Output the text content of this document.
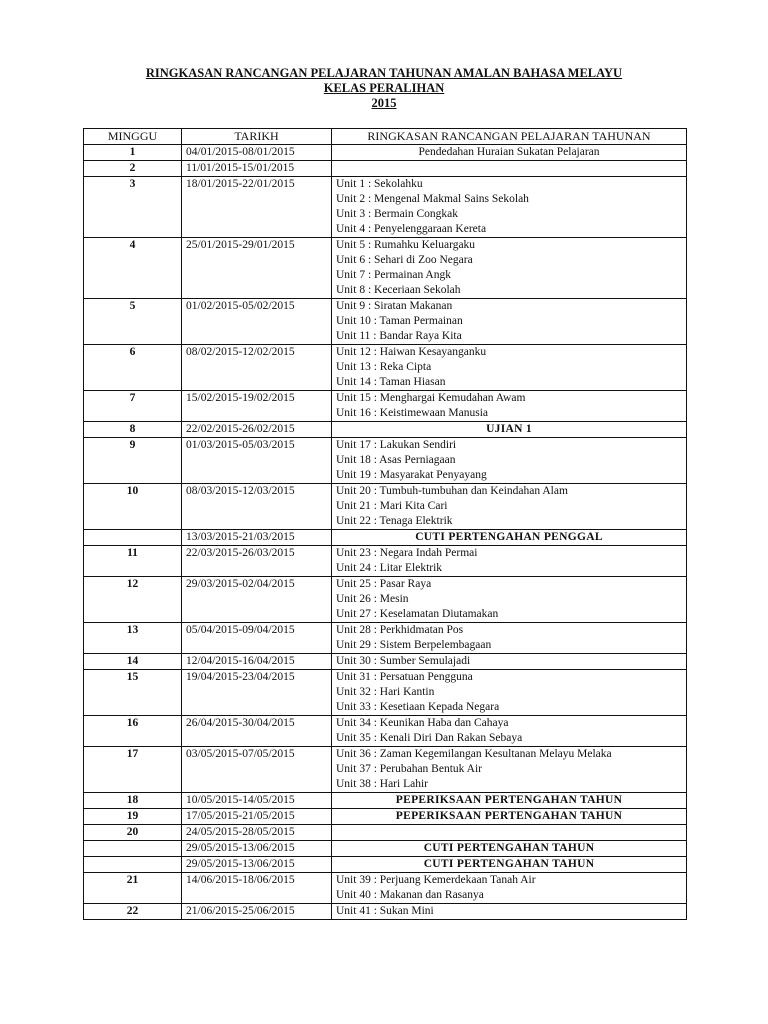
RINGKASAN RANCANGAN PELAJARAN TAHUNAN AMALAN BAHASA MELAYU
KELAS PERALIHAN
2015
MINGGU	TARIKH	RINGKASAN RANCANGAN PELAJARAN TAHUNAN
1	04/01/2015-08/01/2015	Pendedahan Huraian Sukatan Pelajaran

2	11/01/2015-15/01/2015	

3	18/01/2015-22/01/2015	Unit 1 : Sekolahku
Unit 2 : Mengenal Makmal Sains Sekolah
Unit 3 : Bermain Congkak
Unit 4 : Penyelenggaraan Kereta

4	25/01/2015-29/01/2015	Unit 5 : Rumahku Keluargaku
Unit 6 : Sehari di Zoo Negara
Unit 7 : Permainan Angk
Unit 8 : Keceriaan Sekolah

5	01/02/2015-05/02/2015	Unit 9 : Siratan Makanan
Unit 10 : Taman Permainan
Unit 11 : Bandar Raya Kita

6	08/02/2015-12/02/2015	Unit 12 : Haiwan Kesayanganku
Unit 13 : Reka Cipta
Unit 14 : Taman Hiasan

7	15/02/2015-19/02/2015	Unit 15 : Menghargai Kemudahan Awam
Unit 16 : Keistimewaan Manusia

8	22/02/2015-26/02/2015	UJIAN 1

9	01/03/2015-05/03/2015	Unit 17 : Lakukan Sendiri
Unit 18 : Asas Perniagaan
Unit 19 : Masyarakat Penyayang

10	08/03/2015-12/03/2015	Unit 20 : Tumbuh-tumbuhan dan Keindahan Alam
Unit 21 : Mari Kita Cari
Unit 22 : Tenaga Elektrik

	13/03/2015-21/03/2015	CUTI PERTENGAHAN PENGGAL

11	22/03/2015-26/03/2015	Unit 23 : Negara Indah Permai
Unit 24 : Litar Elektrik

12	29/03/2015-02/04/2015	Unit 25 : Pasar Raya
Unit 26 : Mesin
Unit 27 : Keselamatan Diutamakan

13	05/04/2015-09/04/2015	Unit 28 : Perkhidmatan Pos
Unit 29 : Sistem Berpelembagaan

14	12/04/2015-16/04/2015	Unit 30 : Sumber Semulajadi

15	19/04/2015-23/04/2015	Unit 31 : Persatuan Pengguna
Unit 32 : Hari Kantin
Unit 33 : Kesetiaan Kepada Negara

16	26/04/2015-30/04/2015	Unit 34 : Keunikan Haba dan Cahaya
Unit 35 : Kenali Diri Dan Rakan Sebaya

17	03/05/2015-07/05/2015	Unit 36 : Zaman Kegemilangan Kesultanan Melayu Melaka
Unit 37 : Perubahan Bentuk Air
Unit 38 : Hari Lahir

18	10/05/2015-14/05/2015	PEPERIKSAAN PERTENGAHAN TAHUN

19	17/05/2015-21/05/2015	PEPERIKSAAN PERTENGAHAN TAHUN

20	24/05/2015-28/05/2015	

	29/05/2015-13/06/2015	CUTI PERTENGAHAN TAHUN

	29/05/2015-13/06/2015	CUTI PERTENGAHAN TAHUN

21	14/06/2015-18/06/2015	Unit 39 : Perjuang Kemerdekaan Tanah Air
Unit 40 : Makanan dan Rasanya

22	21/06/2015-25/06/2015	Unit 41 : Sukan Mini
